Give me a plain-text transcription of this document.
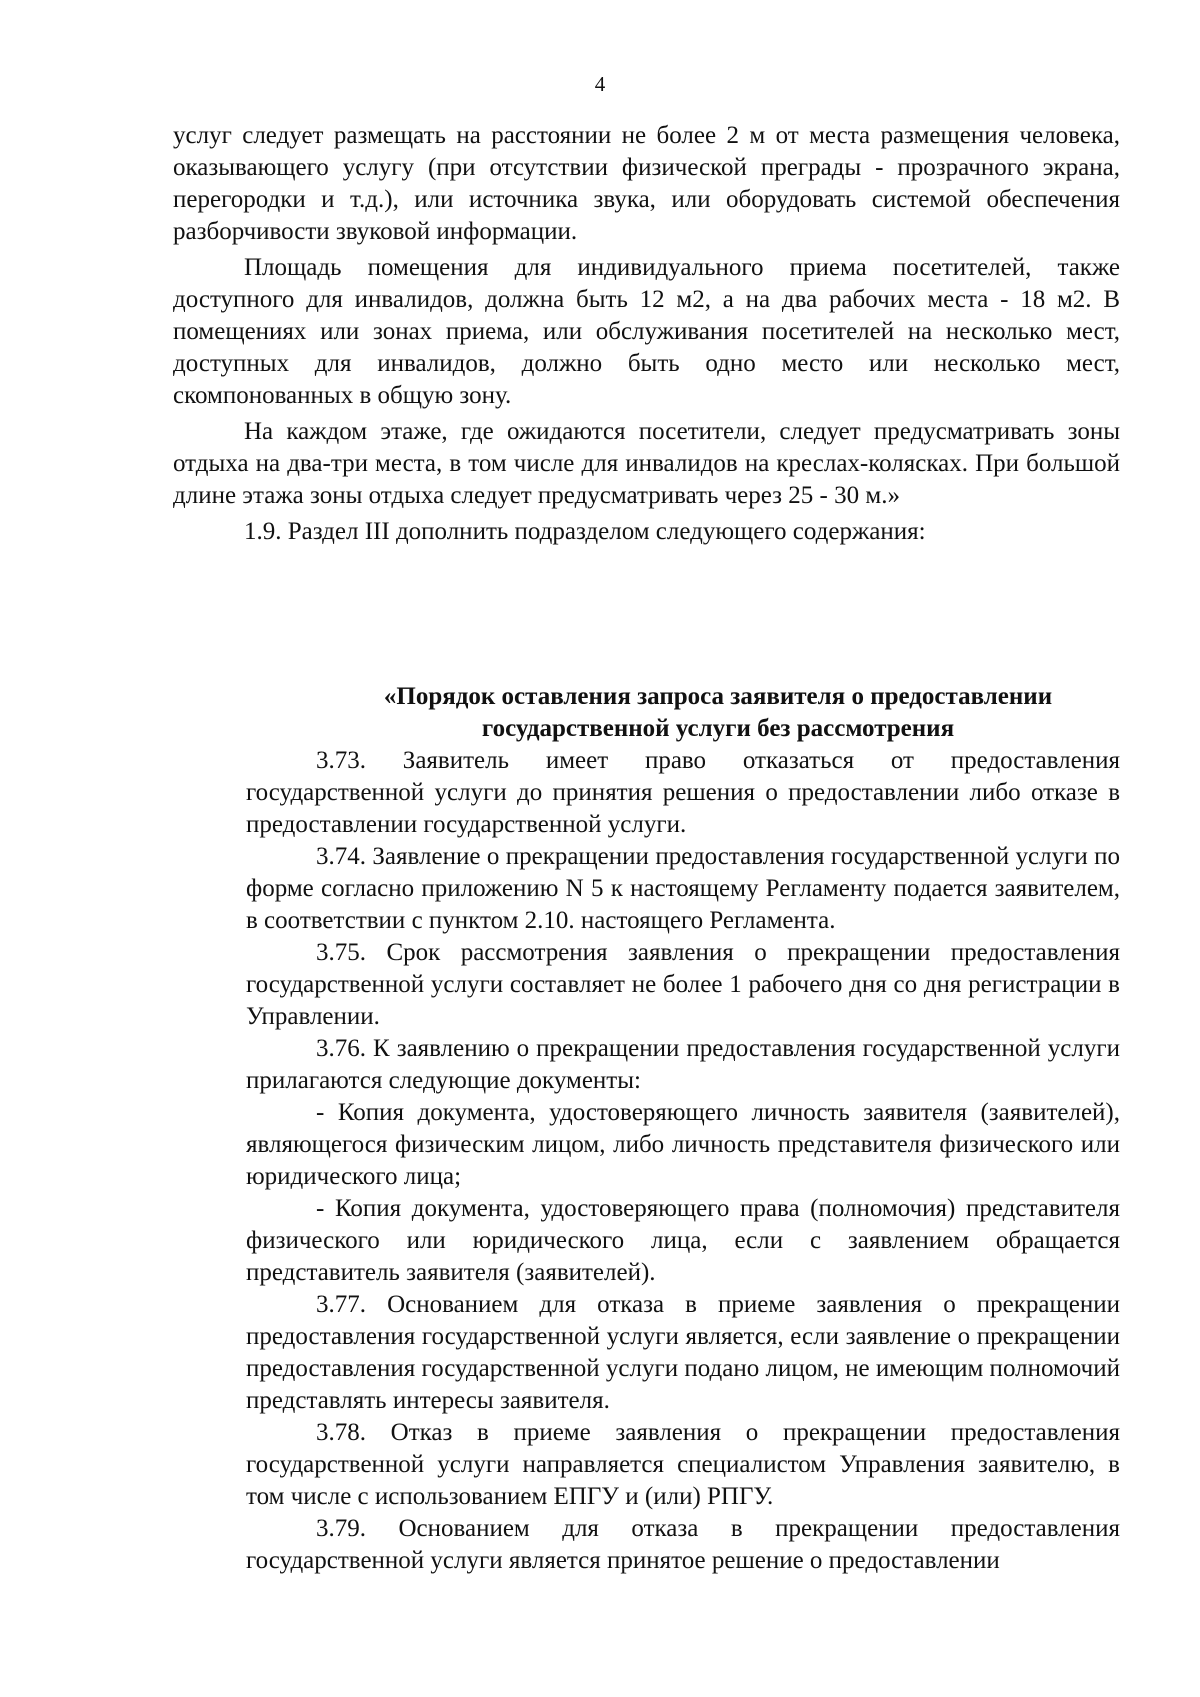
4

услуг следует размещать на расстоянии не более 2 м от места размещения человека, оказывающего услугу (при отсутствии физической преграды - прозрачного экрана, перегородки и т.д.), или источника звука, или оборудовать системой обеспечения разборчивости звуковой информации.

Площадь помещения для индивидуального приема посетителей, также доступного для инвалидов, должна быть 12 м2, а на два рабочих места - 18 м2. В помещениях или зонах приема, или обслуживания посетителей на несколько мест, доступных для инвалидов, должно быть одно место или несколько мест, скомпонованных в общую зону.

На каждом этаже, где ожидаются посетители, следует предусматривать зоны отдыха на два-три места, в том числе для инвалидов на креслах-колясках. При большой длине этажа зоны отдыха следует предусматривать через 25 - 30 м.»

1.9. Раздел III дополнить подразделом следующего содержания:

«Порядок оставления запроса заявителя о предоставлении

государственной услуги без рассмотрения

3.73. Заявитель имеет право отказаться от предоставления государственной услуги до принятия решения о предоставлении либо отказе в предоставлении государственной услуги.

3.74. Заявление о прекращении предоставления государственной услуги по форме согласно приложению N 5 к настоящему Регламенту подается заявителем, в соответствии с пунктом 2.10. настоящего Регламента.

3.75. Срок рассмотрения заявления о прекращении предоставления государственной услуги составляет не более 1 рабочего дня со дня регистрации в Управлении.

3.76. К заявлению о прекращении предоставления государственной услуги прилагаются следующие документы:

- Копия документа, удостоверяющего личность заявителя (заявителей), являющегося физическим лицом, либо личность представителя физического или юридического лица;

- Копия документа, удостоверяющего права (полномочия) представителя физического или юридического лица, если с заявлением обращается представитель заявителя (заявителей).

3.77. Основанием для отказа в приеме заявления о прекращении предоставления государственной услуги является, если заявление о прекращении предоставления государственной услуги подано лицом, не имеющим полномочий представлять интересы заявителя.

3.78. Отказ в приеме заявления о прекращении предоставления государственной услуги направляется специалистом Управления заявителю, в том числе с использованием ЕПГУ и (или) РПГУ.

3.79. Основанием для отказа в прекращении предоставления государственной услуги является принятое решение о предоставлении
